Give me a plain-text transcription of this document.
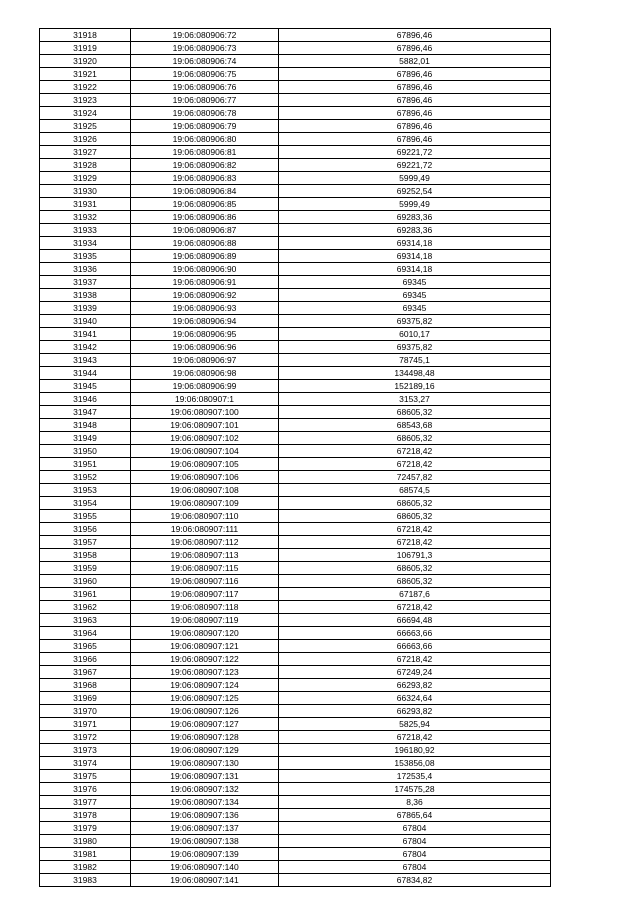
31918	19:06:080906:72	67896,46
31919	19:06:080906:73	67896,46
31920	19:06:080906:74	5882,01
31921	19:06:080906:75	67896,46
31922	19:06:080906:76	67896,46
31923	19:06:080906:77	67896,46
31924	19:06:080906:78	67896,46
31925	19:06:080906:79	67896,46
31926	19:06:080906:80	67896,46
31927	19:06:080906:81	69221,72
31928	19:06:080906:82	69221,72
31929	19:06:080906:83	5999,49
31930	19:06:080906:84	69252,54
31931	19:06:080906:85	5999,49
31932	19:06:080906:86	69283,36
31933	19:06:080906:87	69283,36
31934	19:06:080906:88	69314,18
31935	19:06:080906:89	69314,18
31936	19:06:080906:90	69314,18
31937	19:06:080906:91	69345
31938	19:06:080906:92	69345
31939	19:06:080906:93	69345
31940	19:06:080906:94	69375,82
31941	19:06:080906:95	6010,17
31942	19:06:080906:96	69375,82
31943	19:06:080906:97	78745,1
31944	19:06:080906:98	134498,48
31945	19:06:080906:99	152189,16
31946	19:06:080907:1	3153,27
31947	19:06:080907:100	68605,32
31948	19:06:080907:101	68543,68
31949	19:06:080907:102	68605,32
31950	19:06:080907:104	67218,42
31951	19:06:080907:105	67218,42
31952	19:06:080907:106	72457,82
31953	19:06:080907:108	68574,5
31954	19:06:080907:109	68605,32
31955	19:06:080907:110	68605,32
31956	19:06:080907:111	67218,42
31957	19:06:080907:112	67218,42
31958	19:06:080907:113	106791,3
31959	19:06:080907:115	68605,32
31960	19:06:080907:116	68605,32
31961	19:06:080907:117	67187,6
31962	19:06:080907:118	67218,42
31963	19:06:080907:119	66694,48
31964	19:06:080907:120	66663,66
31965	19:06:080907:121	66663,66
31966	19:06:080907:122	67218,42
31967	19:06:080907:123	67249,24
31968	19:06:080907:124	66293,82
31969	19:06:080907:125	66324,64
31970	19:06:080907:126	66293,82
31971	19:06:080907:127	5825,94
31972	19:06:080907:128	67218,42
31973	19:06:080907:129	196180,92
31974	19:06:080907:130	153856,08
31975	19:06:080907:131	172535,4
31976	19:06:080907:132	174575,28
31977	19:06:080907:134	8,36
31978	19:06:080907:136	67865,64
31979	19:06:080907:137	67804
31980	19:06:080907:138	67804
31981	19:06:080907:139	67804
31982	19:06:080907:140	67804
31983	19:06:080907:141	67834,82
